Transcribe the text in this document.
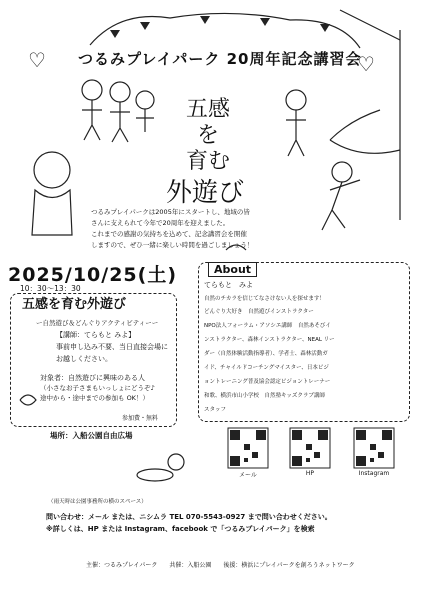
♡	♡
つるみプレイパーク 20周年記念講習会
五感
を
育む
外遊び
つるみプレイパークは2005年にスタートし、地域の皆
さんに支えられて今年で20周年を迎えました。
これまでの感謝の気持ちを込めて、記念講習会を開催
しますので、ぜひ一緒に楽しい時間を過ごしましょう！
2025/10/25(土)
10：30〜13：30
五感を育む外遊び
ー自然遊び＆どんぐりアクティビティーー
【講師：てらもと みよ】
事前申し込み不要、当日直接会場に
お越しください。
対象者：自然遊びに興味のある人
（小さなお子さまもいっしょにどうぞ♪
途中から・途中までの参加も OK！）
参加費・無料
場所：入船公園自由広場
（雨天時は公園事務所の横のスペース）
About
てらもと　みよ
自然のチカラを信じてなさけない人を探せます！
どんぐり大好き　自然遊びインストラクター
NPO法人フォーラム・アソシエ講師　自然あそびイ
ンストラクター、森林インストラクター、NEAL リー
ダー（自然体験活動指導者）、学者士、森林活動ガ
イド、チャイルドコーチングマイスター、日本ビジ
ョントレーニング普及協会認定ビジョントレーナー
和歌、横浜市山小学校　自然塾キッズクラブ講師　
スタッフ
メール	HP	Instagram
問い合わせ：メール または、ニシムラ TEL 070-5543-0927 まで問い合わせください。
※詳しくは、HP または Instagram、facebook で「つるみプレイパーク」を検索
主催：つるみプレイパーク　　共催：入船公園　　後援：横浜にプレイパークを創ろうネットワーク
